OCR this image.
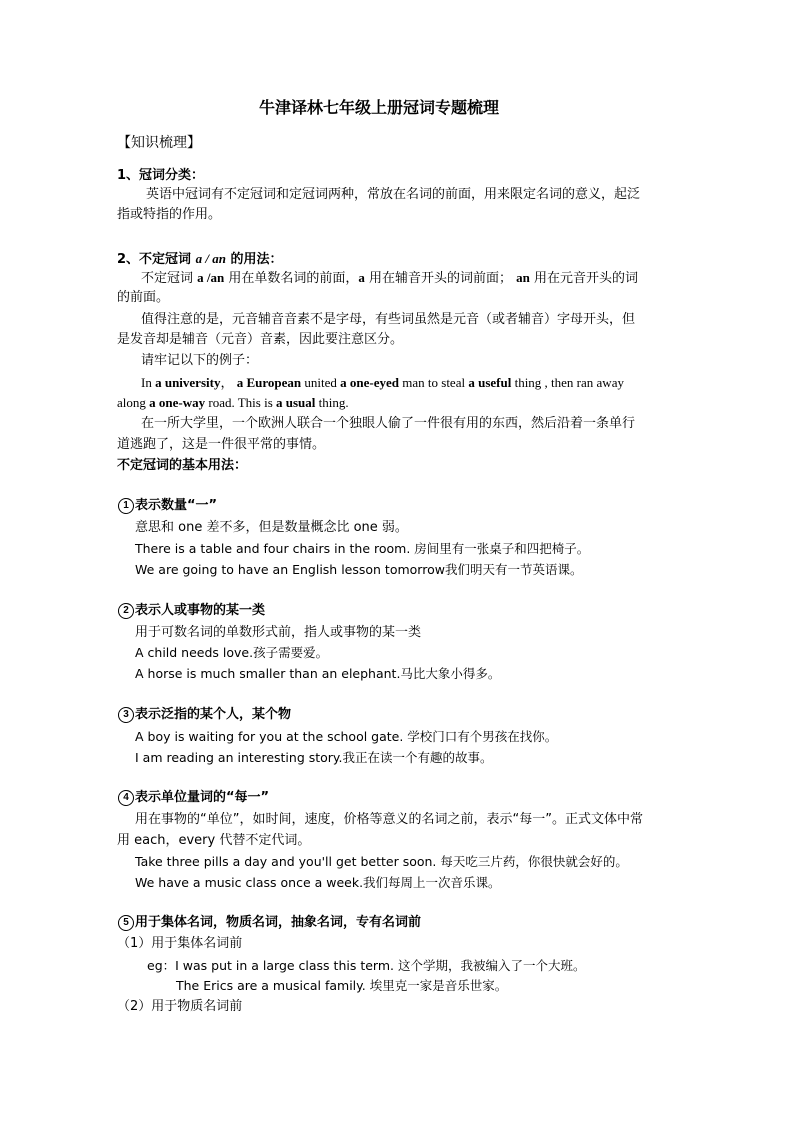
牛津译林七年级上册冠词专题梳理
【知识梳理】
1、冠词分类：
英语中冠词有不定冠词和定冠词两种，常放在名词的前面，用来限定名词的意义，起泛
指或特指的作用。
2、不定冠词 a / an 的用法：
不定冠词 a /an 用在单数名词的前面，a 用在辅音开头的词前面； an 用在元音开头的词
的前面。
值得注意的是，元音辅音音素不是字母，有些词虽然是元音（或者辅音）字母开头，但
是发音却是辅音（元音）音素，因此要注意区分。
请牢记以下的例子：
In a university， a European united a one-eyed man to steal a useful thing , then ran away
along a one-way road. This is a usual thing.
在一所大学里，一个欧洲人联合一个独眼人偷了一件很有用的东西，然后沿着一条单行
道逃跑了，这是一件很平常的事情。
不定冠词的基本用法：
1 表示数量“一”
意思和 one 差不多，但是数量概念比 one 弱。
There is a table and four chairs in the room. 房间里有一张桌子和四把椅子。
We are going to have an English lesson tomorrow我们明天有一节英语课。
2 表示人或事物的某一类
用于可数名词的单数形式前，指人或事物的某一类
A child needs love.孩子需要爱。
A horse is much smaller than an elephant.马比大象小得多。
3 表示泛指的某个人，某个物
A boy is waiting for you at the school gate. 学校门口有个男孩在找你。
I am reading an interesting story.我正在读一个有趣的故事。
4 表示单位量词的“每一”
用在事物的“单位”，如时间，速度，价格等意义的名词之前，表示“每一”。正式文体中常
用 each，every 代替不定代词。
Take three pills a day and you'll get better soon. 每天吃三片药，你很快就会好的。
We have a music class once a week.我们每周上一次音乐课。
5 用于集体名词，物质名词，抽象名词，专有名词前
（1）用于集体名词前
eg：I was put in a large class this term. 这个学期，我被编入了一个大班。
The Erics are a musical family. 埃里克一家是音乐世家。
（2）用于物质名词前
